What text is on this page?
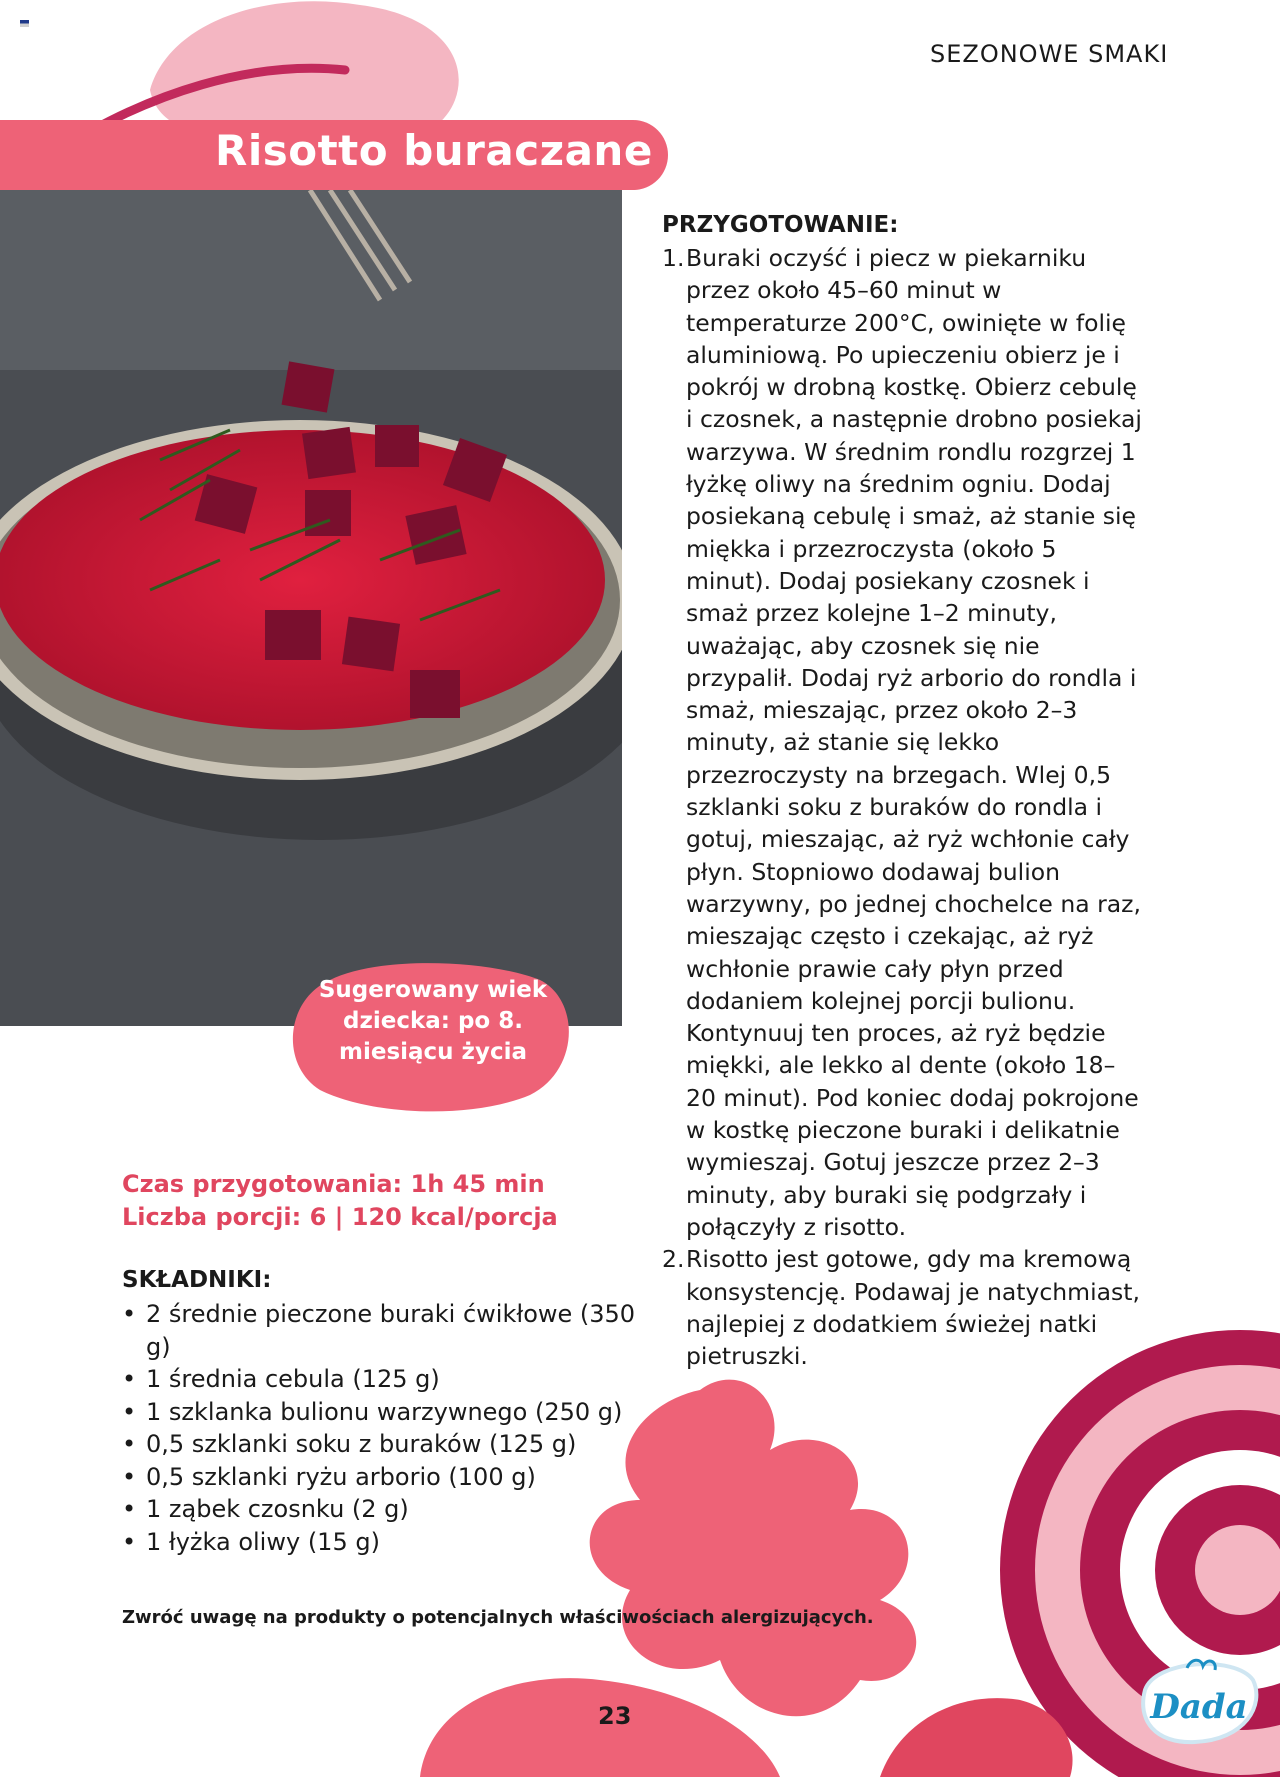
SEZONOWE SMAKI
Risotto buraczane
Sugerowany wiek
dziecka: po 8.
miesiącu życia
Czas przygotowania: 1h 45 min
Liczba porcji: 6 | 120 kcal/porcja
SKŁADNIKI:
• 2 średnie pieczone buraki ćwikłowe (350 g)
• 1 średnia cebula (125 g)
• 1 szklanka bulionu warzywnego (250 g)
• 0,5 szklanki soku z buraków (125 g)
• 0,5 szklanki ryżu arborio (100 g)
• 1 ząbek czosnku (2 g)
• 1 łyżka oliwy (15 g)
Zwróć uwagę na produkty o potencjalnych właściwościach alergizujących.
PRZYGOTOWANIE:
1. Buraki oczyść i piecz w piekarniku przez około 45–60 minut w temperaturze 200°C, owinięte w folię aluminiową. Po upieczeniu obierz je i pokrój w drobną kostkę. Obierz cebulę i czosnek, a następnie drobno posiekaj warzywa. W średnim rondlu rozgrzej 1 łyżkę oliwy na średnim ogniu. Dodaj posiekaną cebulę i smaż, aż stanie się miękka i przezroczysta (około 5 minut). Dodaj posiekany czosnek i smaż przez kolejne 1–2 minuty, uważając, aby czosnek się nie przypalił. Dodaj ryż arborio do rondla i smaż, mieszając, przez około 2–3 minuty, aż stanie się lekko przezroczysty na brzegach. Wlej 0,5 szklanki soku z buraków do rondla i gotuj, mieszając, aż ryż wchłonie cały płyn. Stopniowo dodawaj bulion warzywny, po jednej chochelce na raz, mieszając często i czekając, aż ryż wchłonie prawie cały płyn przed dodaniem kolejnej porcji bulionu. Kontynuuj ten proces, aż ryż będzie miękki, ale lekko al dente (około 18–20 minut). Pod koniec dodaj pokrojone w kostkę pieczone buraki i delikatnie wymieszaj. Gotuj jeszcze przez 2–3 minuty, aby buraki się podgrzały i połączyły z risotto.
2. Risotto jest gotowe, gdy ma kremową konsystencję. Podawaj je natychmiast, najlepiej z dodatkiem świeżej natki pietruszki.
23	Dada
